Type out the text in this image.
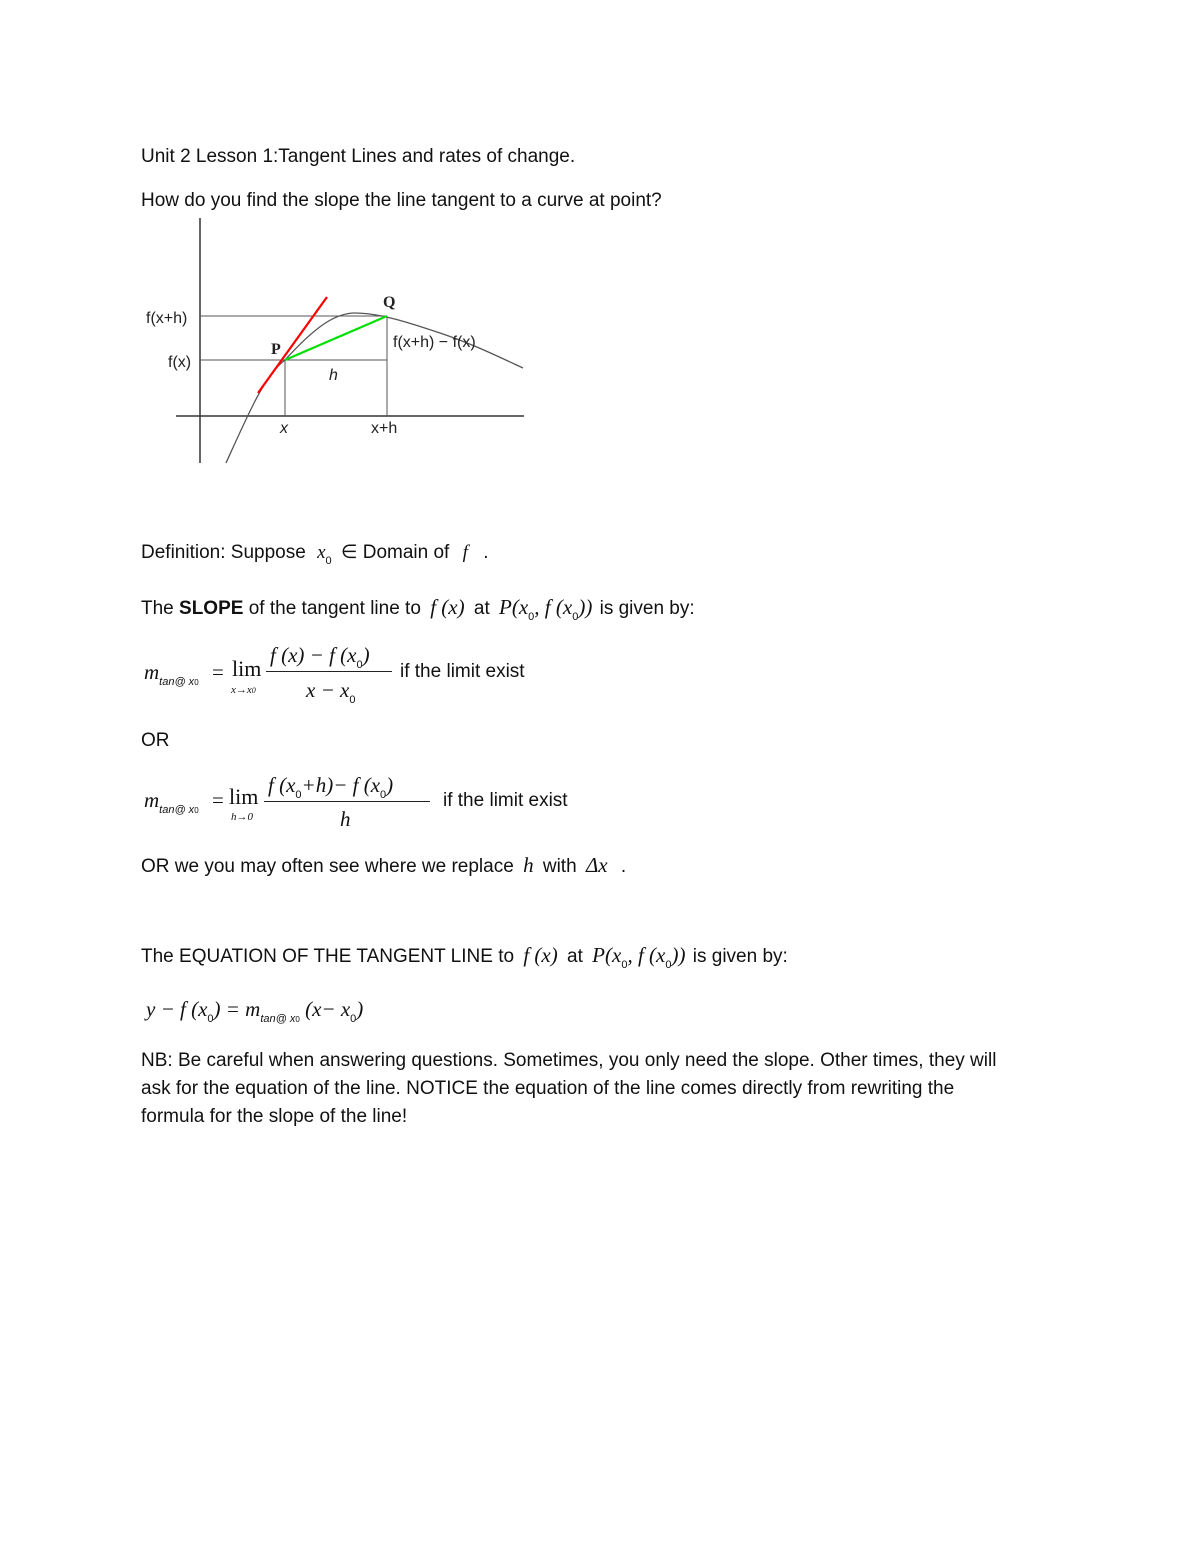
Unit 2 Lesson 1:Tangent Lines and rates of change.
How do you find the slope the line tangent to a curve at point?
f(x+h)
f(x)
P
Q
h
x	x+h
f(x+h) − f(x)
Definition: Suppose $x_0$ ∈ Domain of f .
The SLOPE of the tangent line to f (x) at $P(x_0$, f $(x_0)$) is given by:
$m_{tan@ x0} = \lim$
x→x0
f (x) − f $(x_0)$
$x - x_0$
if the limit exist
OR
$m_{tan@ x0} = \lim$
h→0
f $(x_0+h)- f$ $(x_0)$
h
if the limit exist
OR we you may often see where we replace h with Δx .
The EQUATION OF THE TANGENT LINE to f (x) at $P(x_0$, f $(x_0)$) is given by:
y − f $(x_0) = m_{tan@ x0}$ $(x- x_0)$
NB: Be careful when answering questions. Sometimes, you only need the slope. Other times, they will
ask for the equation of the line. NOTICE the equation of the line comes directly from rewriting the
formula for the slope of the line!
